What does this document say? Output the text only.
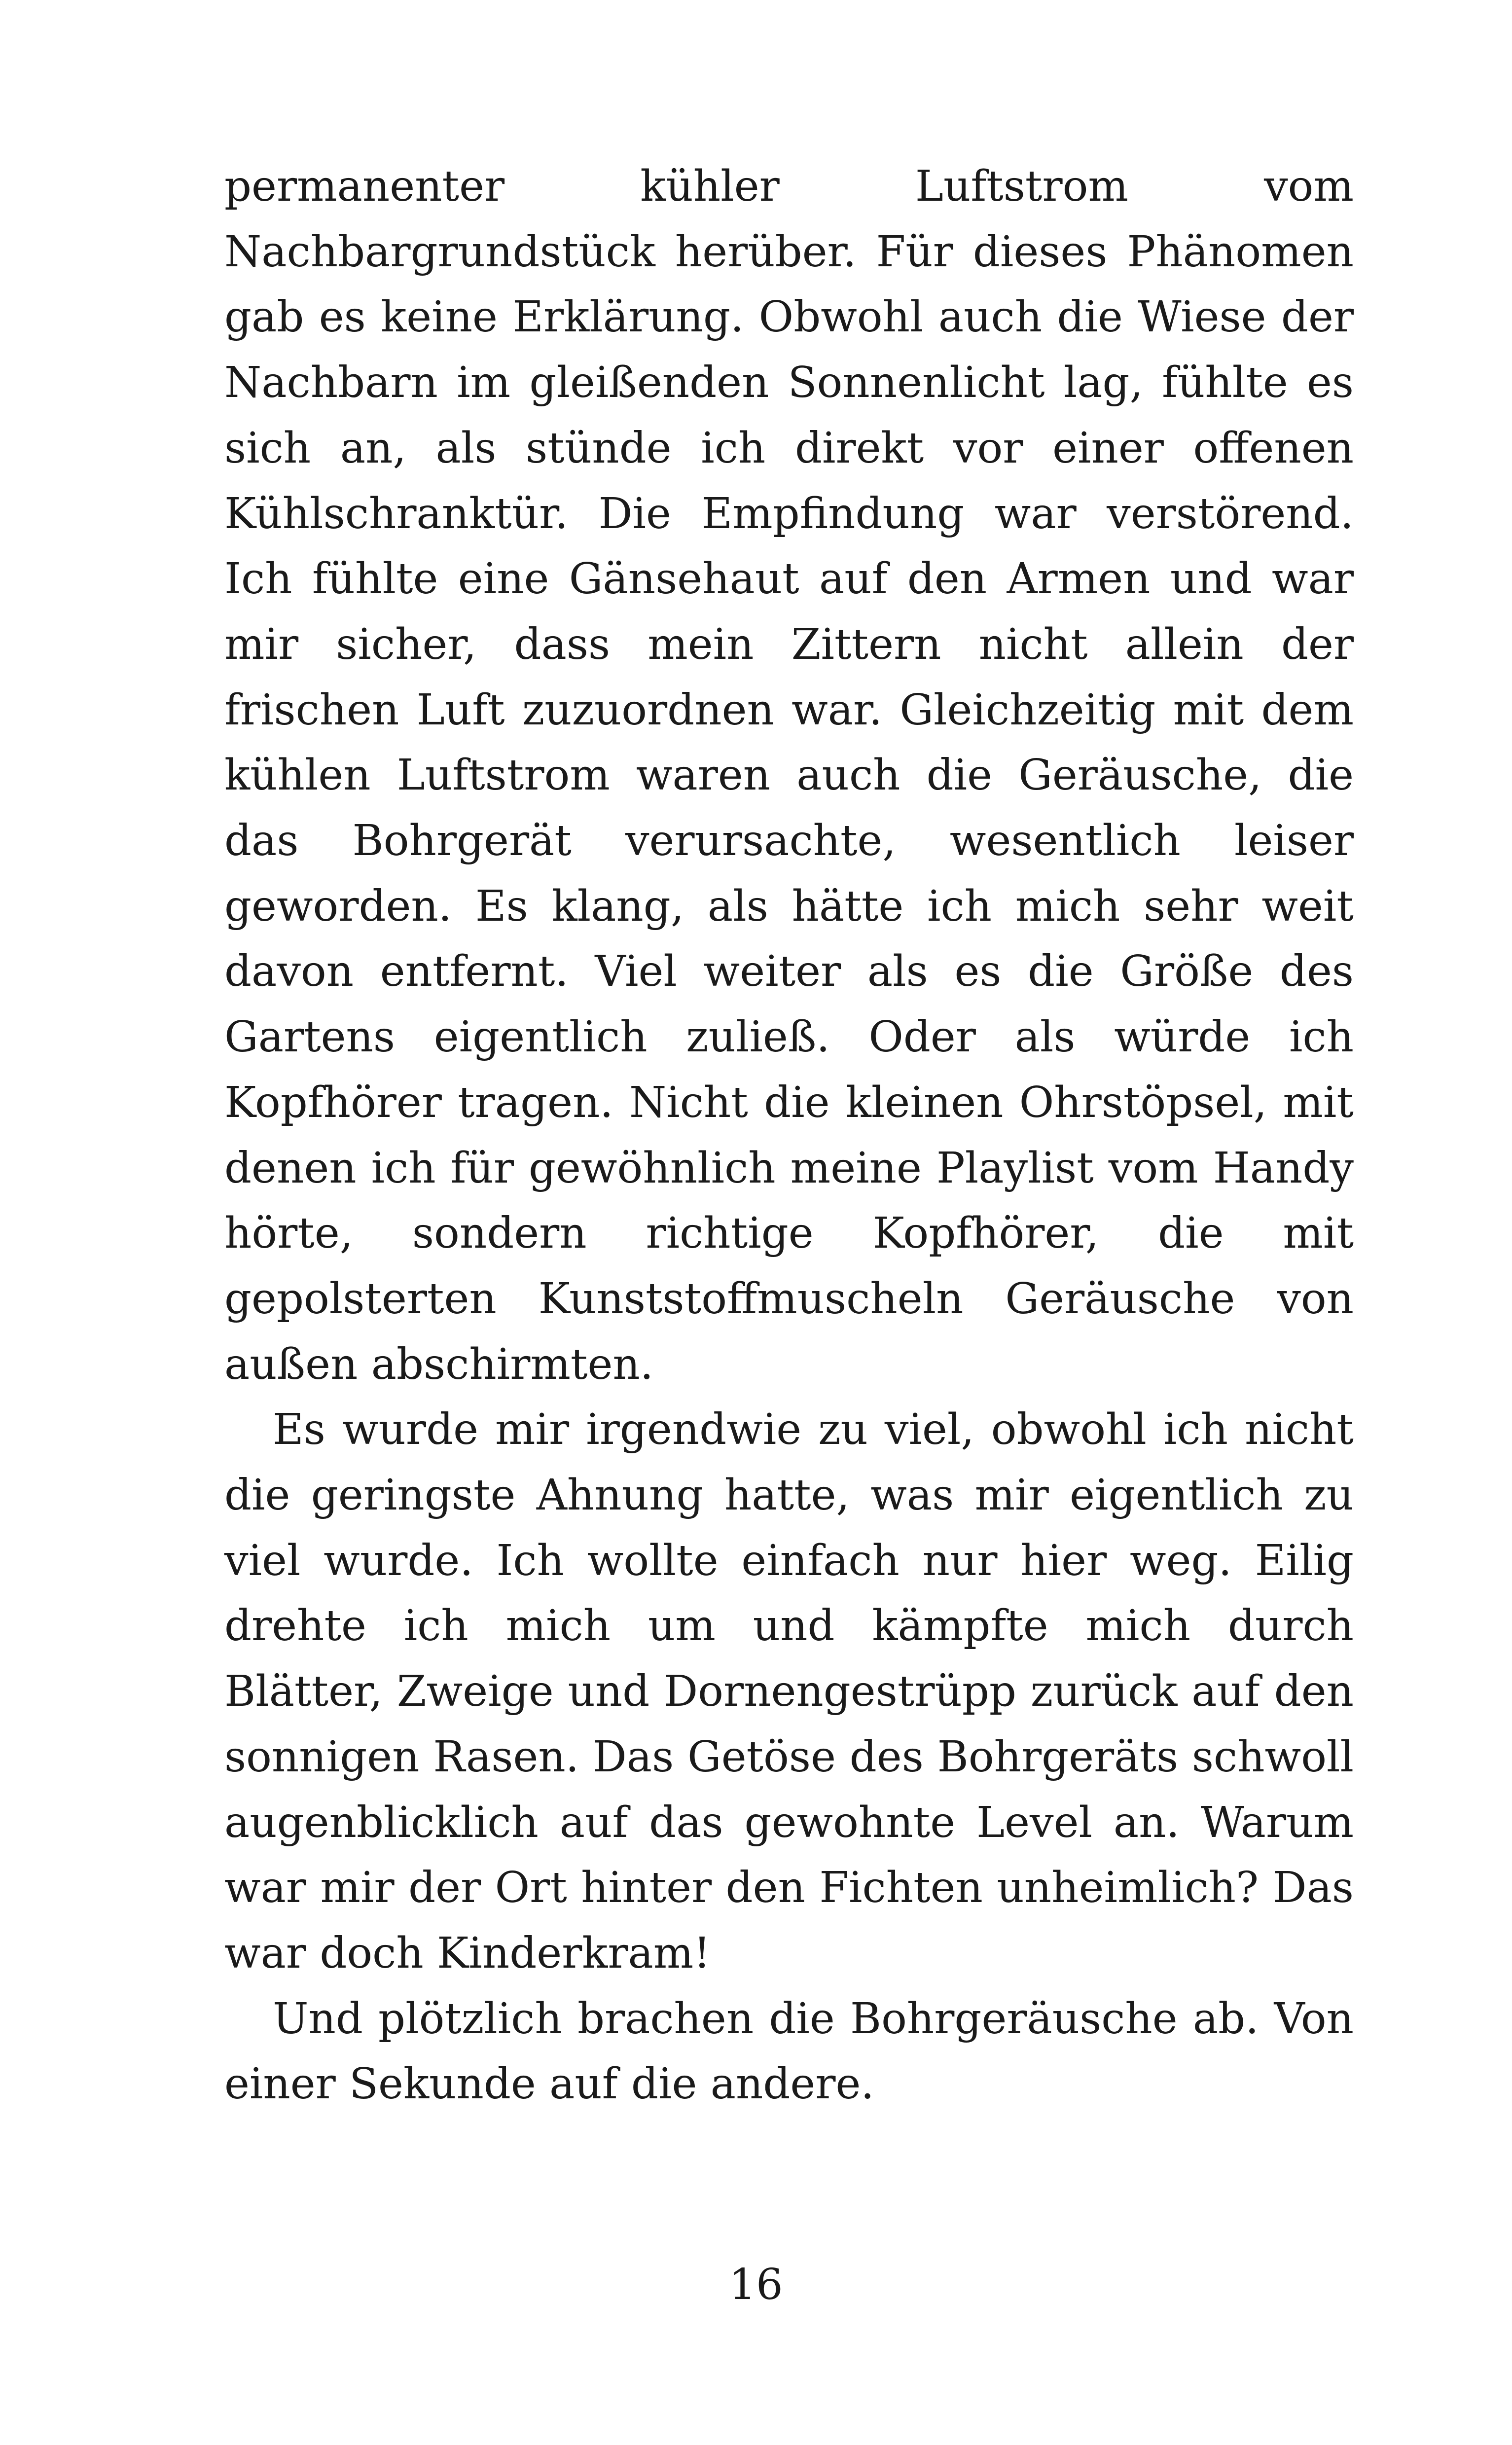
permanenter kühler Luftstrom vom Nachbargrundstück herüber. Für dieses Phänomen gab es keine Erklärung. Obwohl auch die Wiese der Nachbarn im gleißenden Sonnenlicht lag, fühlte es sich an, als stünde ich direkt vor einer offenen Kühlschranktür. Die Empfindung war verstörend. Ich fühlte eine Gänsehaut auf den Armen und war mir sicher, dass mein Zittern nicht allein der frischen Luft zuzuordnen war. Gleichzeitig mit dem kühlen Luftstrom waren auch die Geräusche, die das Bohrgerät verursachte, wesentlich leiser geworden. Es klang, als hätte ich mich sehr weit davon entfernt. Viel weiter als es die Größe des Gartens eigentlich zuließ. Oder als würde ich Kopfhörer tragen. Nicht die kleinen Ohrstöpsel, mit denen ich für gewöhnlich meine Playlist vom Handy hörte, sondern richtige Kopfhörer, die mit gepolsterten Kunststoffmuscheln Geräusche von außen abschirmten.

Es wurde mir irgendwie zu viel, obwohl ich nicht die geringste Ahnung hatte, was mir eigentlich zu viel wurde. Ich wollte einfach nur hier weg. Eilig drehte ich mich um und kämpfte mich durch Blätter, Zweige und Dornengestrüpp zurück auf den sonnigen Rasen. Das Getöse des Bohrgeräts schwoll augenblicklich auf das gewohnte Level an. Warum war mir der Ort hinter den Fichten unheimlich? Das war doch Kinderkram!

Und plötzlich brachen die Bohrgeräusche ab. Von einer Sekunde auf die andere.

16
